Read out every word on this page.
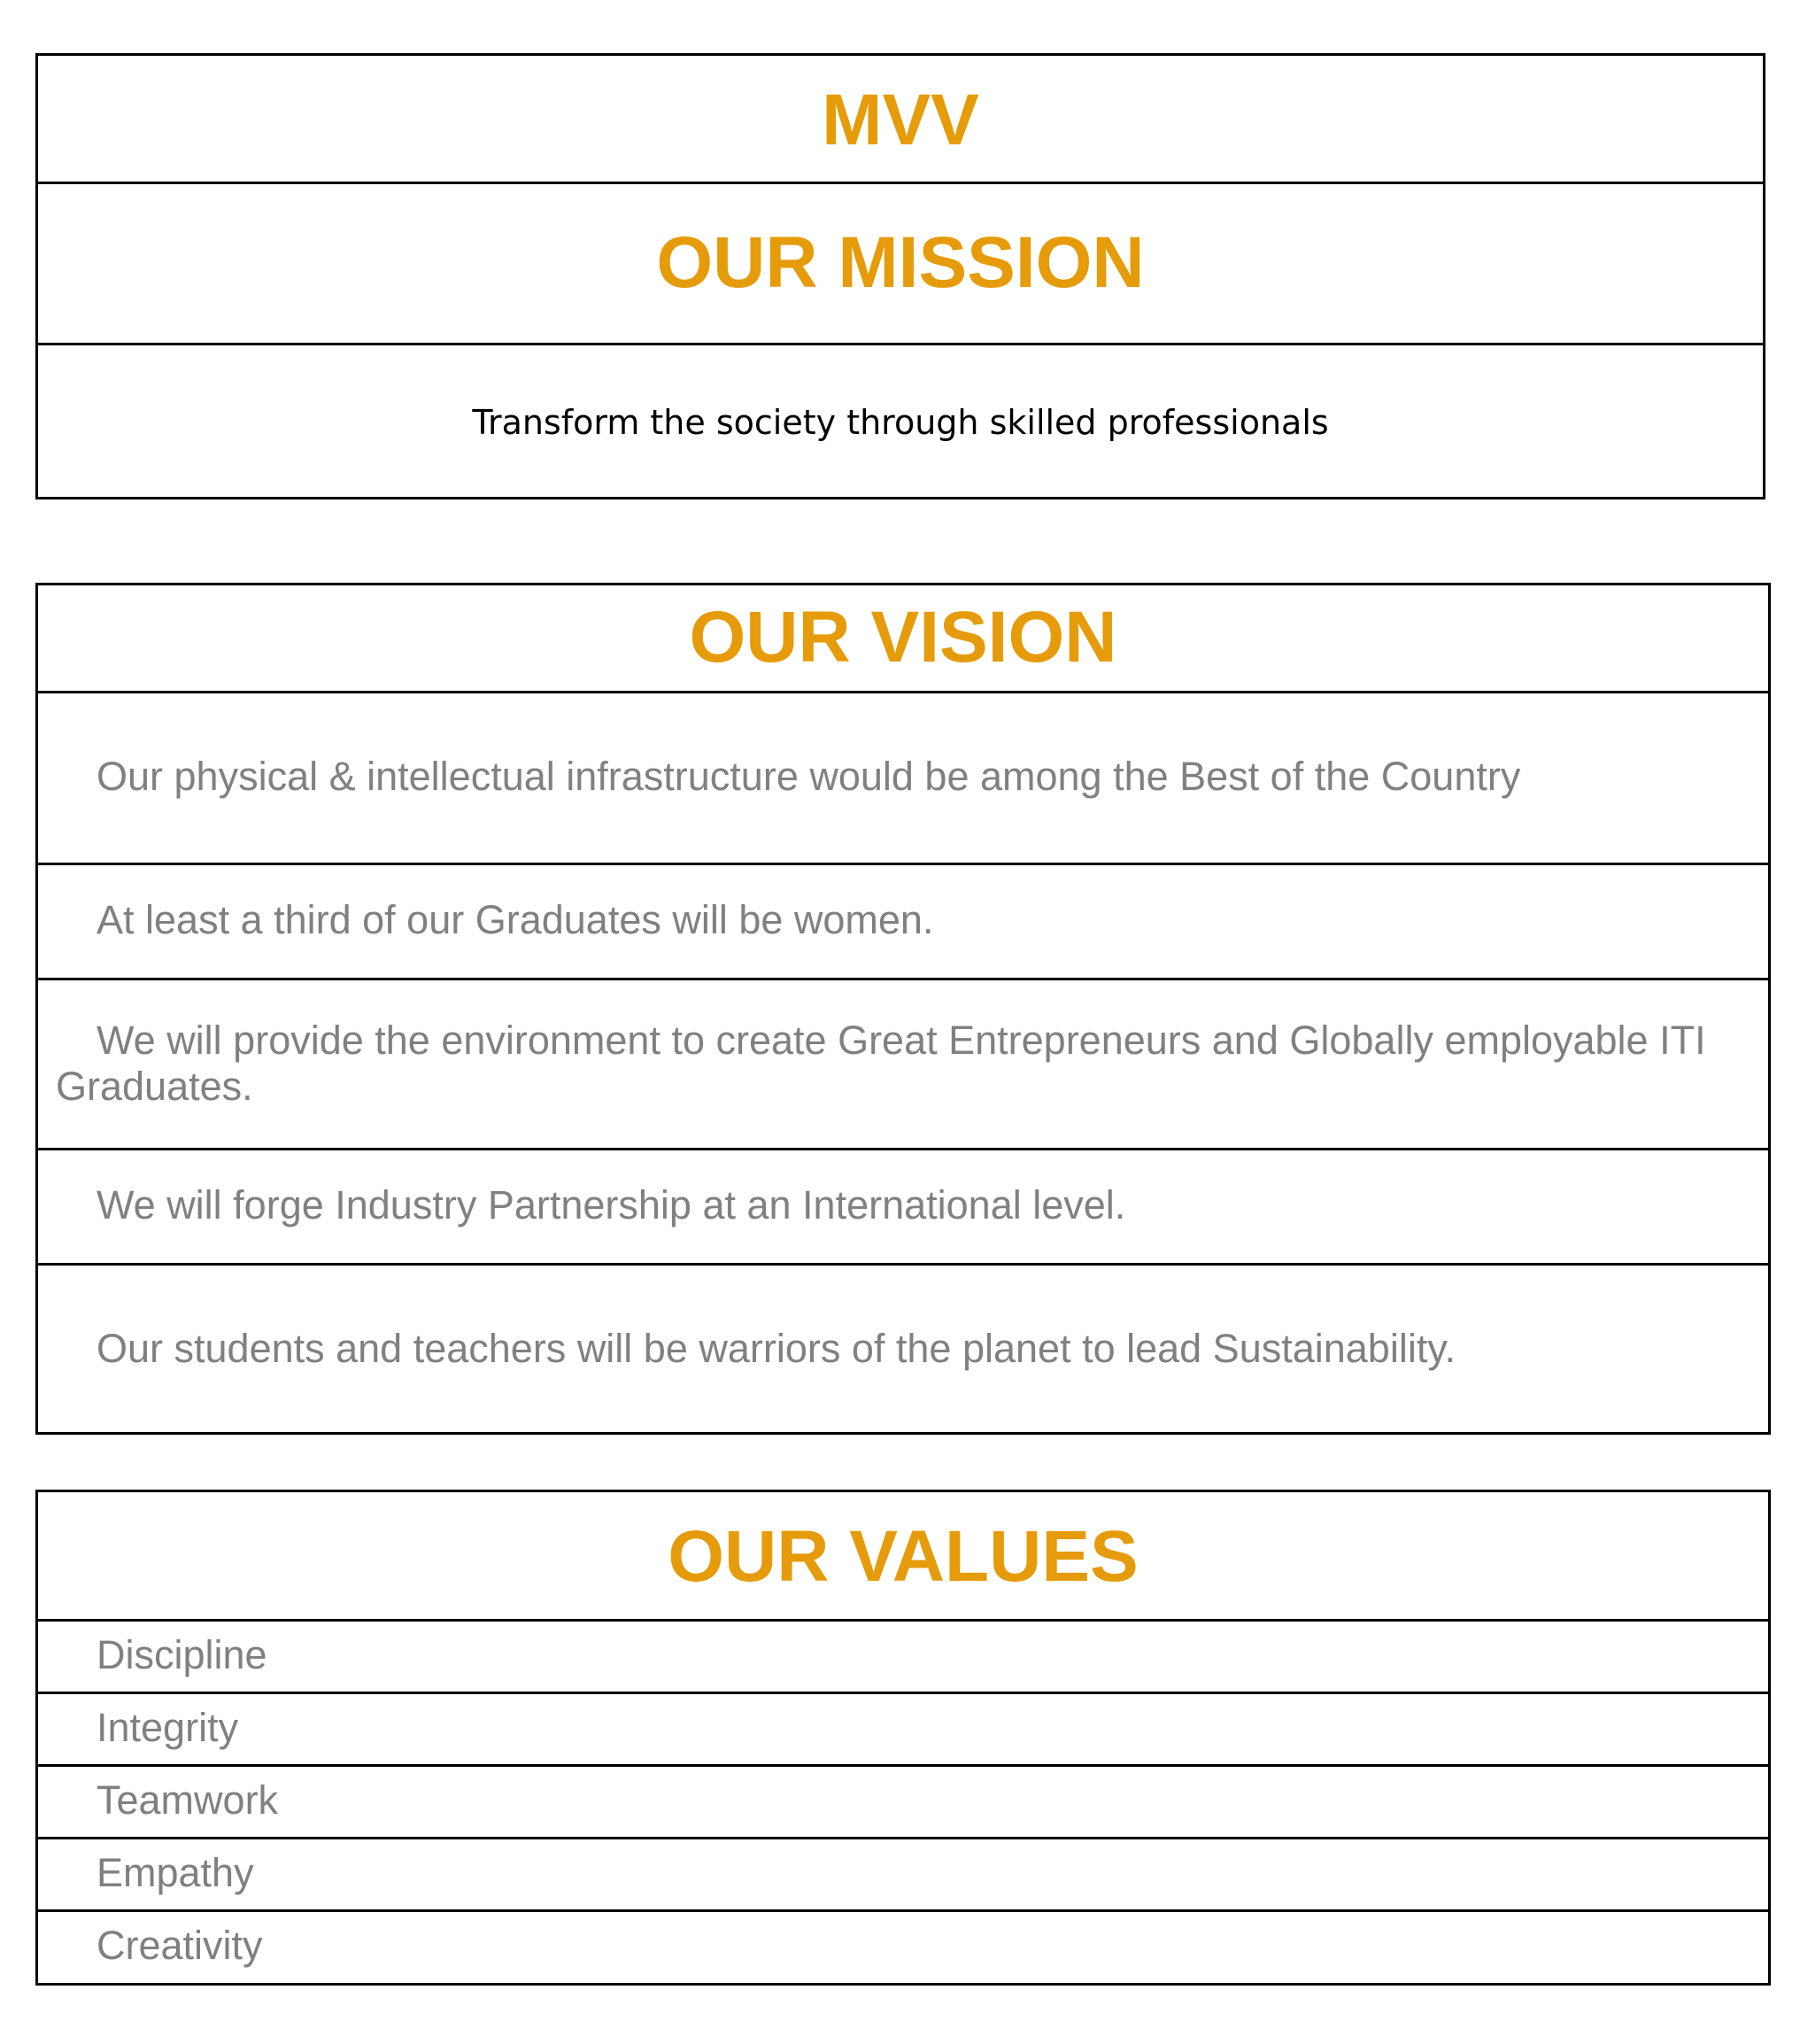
MVV
OUR MISSION
Transform the society through skilled professionals
OUR VISION
Our physical & intellectual infrastructure would be among the Best of the Country
At least a third of our Graduates will be women.
We will provide the environment to create Great Entrepreneurs and Globally employable ITI Graduates.
We will forge Industry Partnership at an International level.
Our students and teachers will be warriors of the planet to lead Sustainability.
OUR VALUES
Discipline
Integrity
Teamwork
Empathy
Creativity
